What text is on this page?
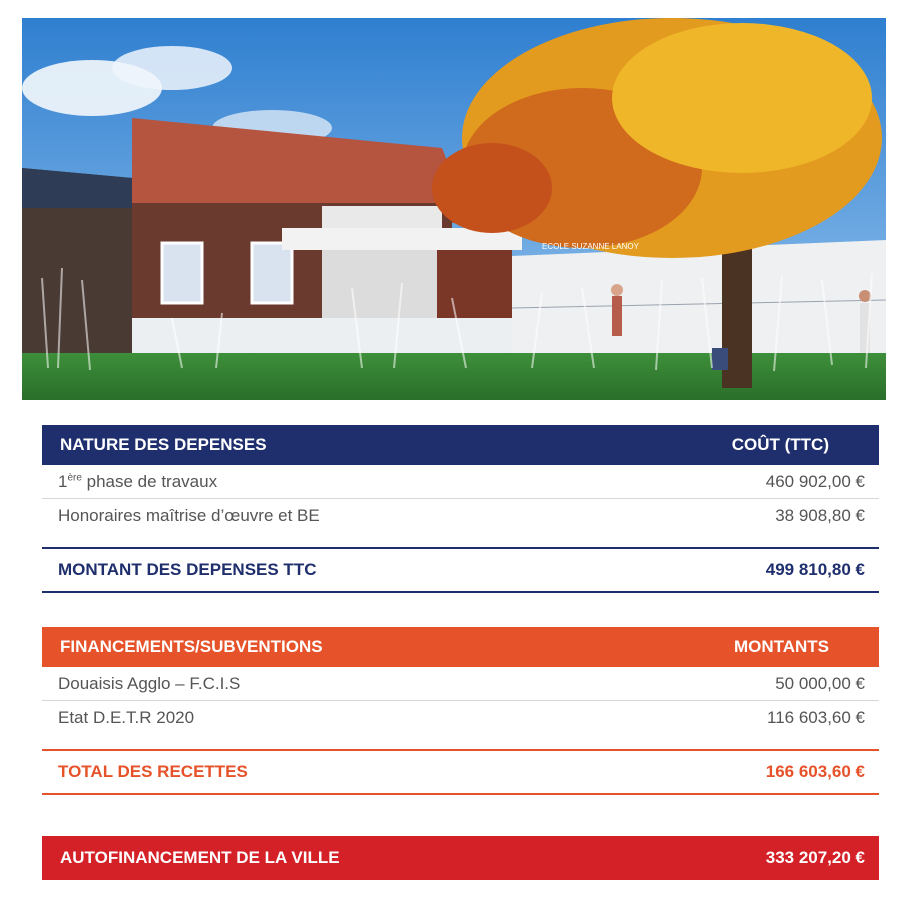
ECOLE SUZANNE LANOY
NATURE DES DEPENSES	COÛT (TTC)
1ère phase de travaux	460 902,00 €
Honoraires maîtrise d’œuvre et BE	38 908,80 €
MONTANT DES DEPENSES TTC	499 810,80 €
FINANCEMENTS/SUBVENTIONS	MONTANTS
Douaisis Agglo – F.C.I.S	50 000,00 €
Etat D.E.T.R 2020	116 603,60 €
TOTAL DES RECETTES	166 603,60 €
AUTOFINANCEMENT DE LA VILLE	333 207,20 €
